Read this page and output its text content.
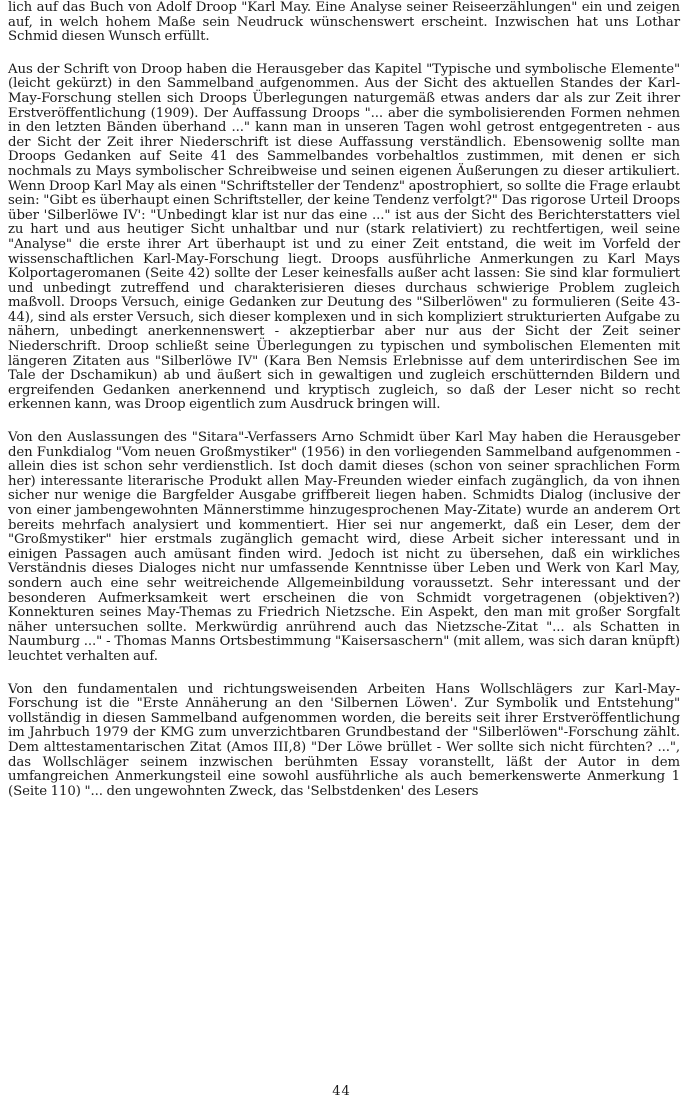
lich auf das Buch von Adolf Droop "Karl May. Eine Analyse seiner Reiseerzählungen" ein und zeigen auf, in welch hohem Maße sein Neudruck wünschenswert erscheint. Inzwischen hat uns Lothar Schmid diesen Wunsch erfüllt.

Aus der Schrift von Droop haben die Herausgeber das Kapitel "Typische und symbolische Elemente" (leicht gekürzt) in den Sammelband aufgenommen. Aus der Sicht des aktuellen Standes der Karl-May-Forschung stellen sich Droops Überlegungen naturgemäß etwas anders dar als zur Zeit ihrer Erstveröffentlichung (1909). Der Auffassung Droops "... aber die symbolisierenden Formen nehmen in den letzten Bänden überhand ..." kann man in unseren Tagen wohl getrost entgegentreten - aus der Sicht der Zeit ihrer Niederschrift ist diese Auffassung verständlich. Ebensowenig sollte man Droops Gedanken auf Seite 41 des Sammelbandes vorbehaltlos zustimmen, mit denen er sich nochmals zu Mays symbolischer Schreibweise und seinen eigenen Äußerungen zu dieser artikuliert. Wenn Droop Karl May als einen "Schriftsteller der Tendenz" apostrophiert, so sollte die Frage erlaubt sein: "Gibt es überhaupt einen Schriftsteller, der keine Tendenz verfolgt?" Das rigorose Urteil Droops über 'Silberlöwe IV': "Unbedingt klar ist nur das eine ..." ist aus der Sicht des Berichterstatters viel zu hart und aus heutiger Sicht unhaltbar und nur (stark relativiert) zu rechtfertigen, weil seine "Analyse" die erste ihrer Art überhaupt ist und zu einer Zeit entstand, die weit im Vorfeld der wissenschaftlichen Karl-May-Forschung liegt. Droops ausführliche Anmerkungen zu Karl Mays Kolportageromanen (Seite 42) sollte der Leser keinesfalls außer acht lassen: Sie sind klar formuliert und unbedingt zutreffend und charakterisieren dieses durchaus schwierige Problem zugleich maßvoll. Droops Versuch, einige Gedanken zur Deutung des "Silberlöwen" zu formulieren (Seite 43-44), sind als erster Versuch, sich dieser komplexen und in sich kompliziert strukturierten Aufgabe zu nähern, unbedingt anerkennenswert - akzeptierbar aber nur aus der Sicht der Zeit seiner Niederschrift. Droop schließt seine Überlegungen zu typischen und symbolischen Elementen mit längeren Zitaten aus "Silberlöwe IV" (Kara Ben Nemsis Erlebnisse auf dem unterirdischen See im Tale der Dschamikun) ab und äußert sich in gewaltigen und zugleich erschütternden Bildern und ergreifenden Gedanken anerkennend und kryptisch zugleich, so daß der Leser nicht so recht erkennen kann, was Droop eigentlich zum Ausdruck bringen will.

Von den Auslassungen des "Sitara"-Verfassers Arno Schmidt über Karl May haben die Herausgeber den Funkdialog "Vom neuen Großmystiker" (1956) in den vorliegenden Sammelband aufgenommen - allein dies ist schon sehr verdienstlich. Ist doch damit dieses (schon von seiner sprachlichen Form her) interessante literarische Produkt allen May-Freunden wieder einfach zugänglich, da von ihnen sicher nur wenige die Bargfelder Ausgabe griffbereit liegen haben. Schmidts Dialog (inclusive der von einer jambengewohnten Männerstimme hinzugesprochenen May-Zitate) wurde an anderem Ort bereits mehrfach analysiert und kommentiert. Hier sei nur angemerkt, daß ein Leser, dem der "Großmystiker" hier erstmals zugänglich gemacht wird, diese Arbeit sicher interessant und in einigen Passagen auch amüsant finden wird. Jedoch ist nicht zu übersehen, daß ein wirkliches Verständnis dieses Dialoges nicht nur umfassende Kenntnisse über Leben und Werk von Karl May, sondern auch eine sehr weitreichende Allgemeinbildung voraussetzt. Sehr interessant und der besonderen Aufmerksamkeit wert erscheinen die von Schmidt vorgetragenen (objektiven?) Konnekturen seines May-Themas zu Friedrich Nietzsche. Ein Aspekt, den man mit großer Sorgfalt näher untersuchen sollte. Merkwürdig anrührend auch das Nietzsche-Zitat "... als Schatten in Naumburg ..." - Thomas Manns Ortsbestimmung "Kaisersaschern" (mit allem, was sich daran knüpft) leuchtet verhalten auf.

Von den fundamentalen und richtungsweisenden Arbeiten Hans Wollschlägers zur Karl-May-Forschung ist die "Erste Annäherung an den 'Silbernen Löwen'. Zur Symbolik und Entstehung" vollständig in diesen Sammelband aufgenommen worden, die bereits seit ihrer Erstveröffentlichung im Jahrbuch 1979 der KMG zum unverzichtbaren Grundbestand der "Silberlöwen"-Forschung zählt. Dem alttestamentarischen Zitat (Amos III,8) "Der Löwe brüllet - Wer sollte sich nicht fürchten? ...", das Wollschläger seinem inzwischen berühmten Essay voranstellt, läßt der Autor in dem umfangreichen Anmerkungsteil eine sowohl ausführliche als auch bemerkenswerte Anmerkung 1 (Seite 110) "... den ungewohnten Zweck, das 'Selbstdenken' des Lesers

44
